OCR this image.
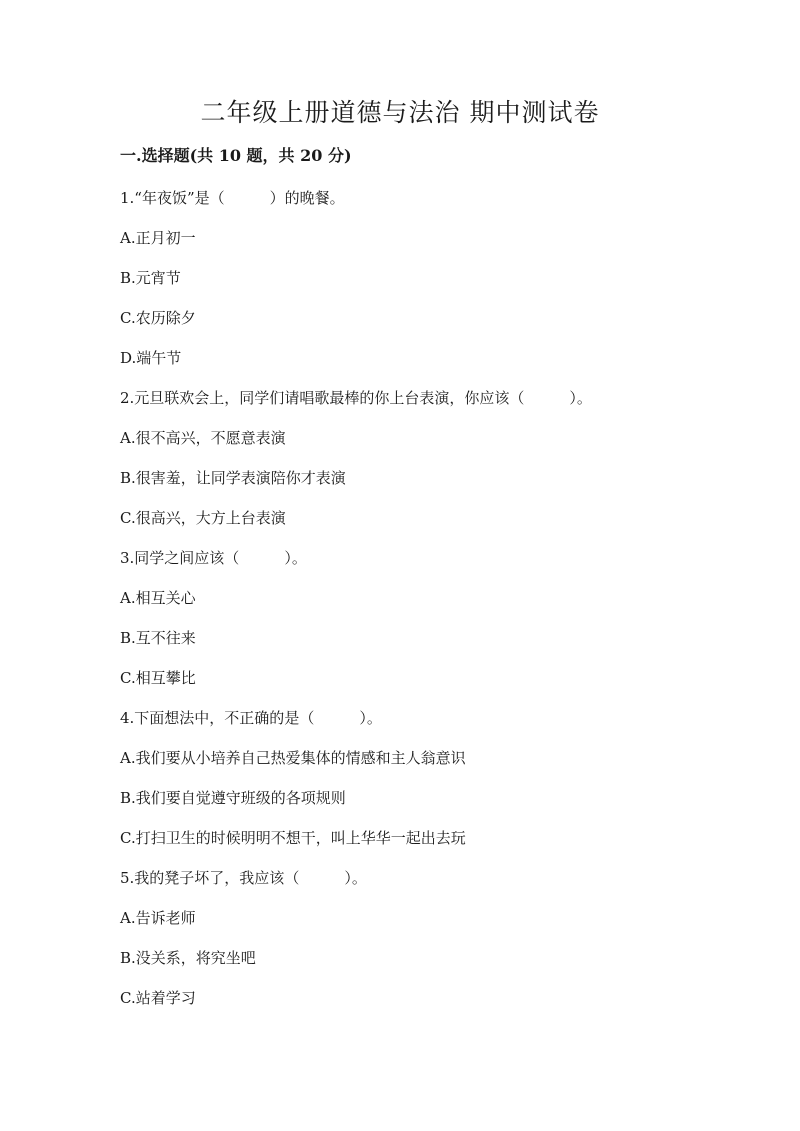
二年级上册道德与法治 期中测试卷
一.选择题(共 10 题，共 20 分)
1.“年夜饭”是（　　　）的晚餐。
A.正月初一
B.元宵节
C.农历除夕
D.端午节
2.元旦联欢会上，同学们请唱歌最棒的你上台表演，你应该（　　　）。
A.很不高兴，不愿意表演
B.很害羞，让同学表演陪你才表演
C.很高兴，大方上台表演
3.同学之间应该（　　　）。
A.相互关心
B.互不往来
C.相互攀比
4.下面想法中，不正确的是（　　　）。
A.我们要从小培养自己热爱集体的情感和主人翁意识
B.我们要自觉遵守班级的各项规则
C.打扫卫生的时候明明不想干，叫上华华一起出去玩
5.我的凳子坏了，我应该（　　　）。
A.告诉老师
B.没关系，将究坐吧
C.站着学习
